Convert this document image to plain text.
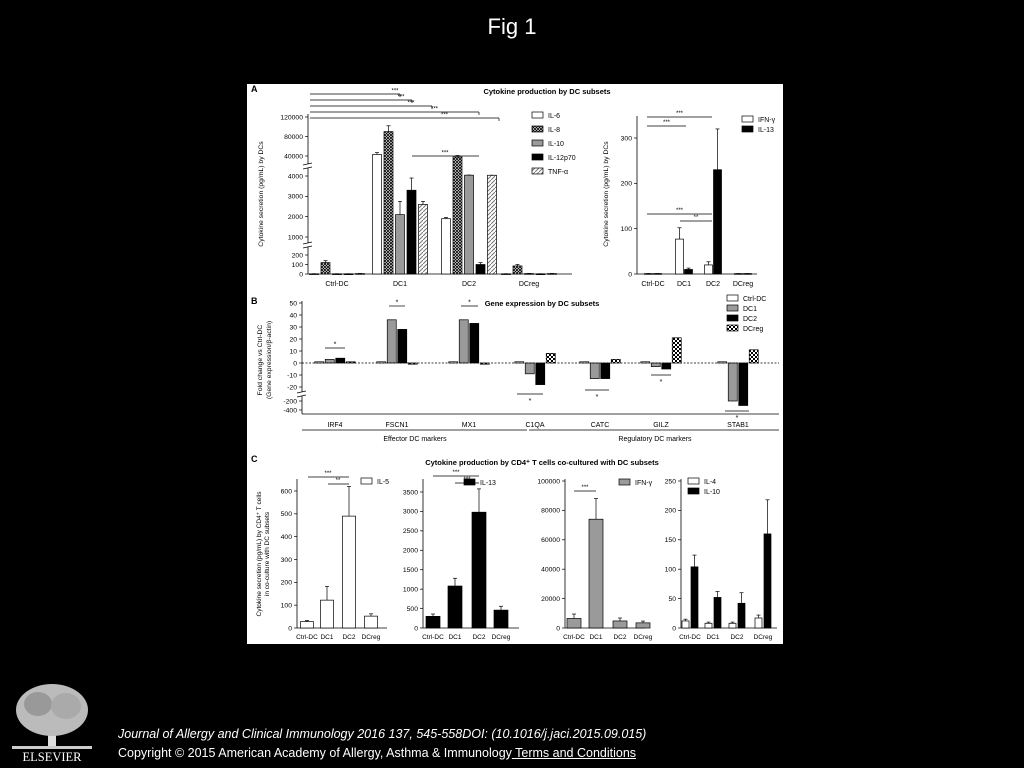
Fig 1
A	Cytokine production by DC subsets
Cytokine secretion (pg/mL) by DCs
0
100
200
1000
2000
3000
4000
40000
80000
120000
Ctrl-DC	DC1	DC2	DCreg
IL-6
IL-8
IL-10
IL-12p70
TNF-α
***
***
***
***
***
***	Cytokine secretion (pg/mL) by DCs
0
100
200
300
Ctrl-DC DC1 DC2 DCreg
IFN-γ
IL-13
***
***
***
**
B	Gene expression by DC subsets
Fold change vs Ctrl-DC (Gene expression/β-actin)
-400
-200
-20
-10
0
10
20
30
40
50
IRF4	FSCN1	MX1	C1QA	CATC	GILZ	STAB1
Ctrl-DC
DC1
DC2
DCreg
Effector DC markers	Regulatory DC markers
*
*	*
*
*
*
*
C	Cytokine production by CD4⁺ T cells co-cultured with DC subsets
Cytokine secretion (pg/mL) by CD4⁺ T cells in co-culture with DC subsets
0
100
200
300
400
500
600
Ctrl-DC DC1 DC2 DCreg
IL-5
***
**
0
500
1000
1500
2000
2500
3000
3500
Ctrl-DC DC1 DC2 DCreg
IL-13
***
***
0
20000
40000
60000
80000
100000
Ctrl-DC DC1 DC2 DCreg
IFN-γ
***
0
50
100
150
200
250
Ctrl-DC DC1 DC2 DCreg
IL-4
IL-10
ELSEVIER
Journal of Allergy and Clinical Immunology 2016 137, 545-558DOI: (10.1016/j.jaci.2015.09.015)
Copyright © 2015 American Academy of Allergy, Asthma & Immunology Terms and Conditions
